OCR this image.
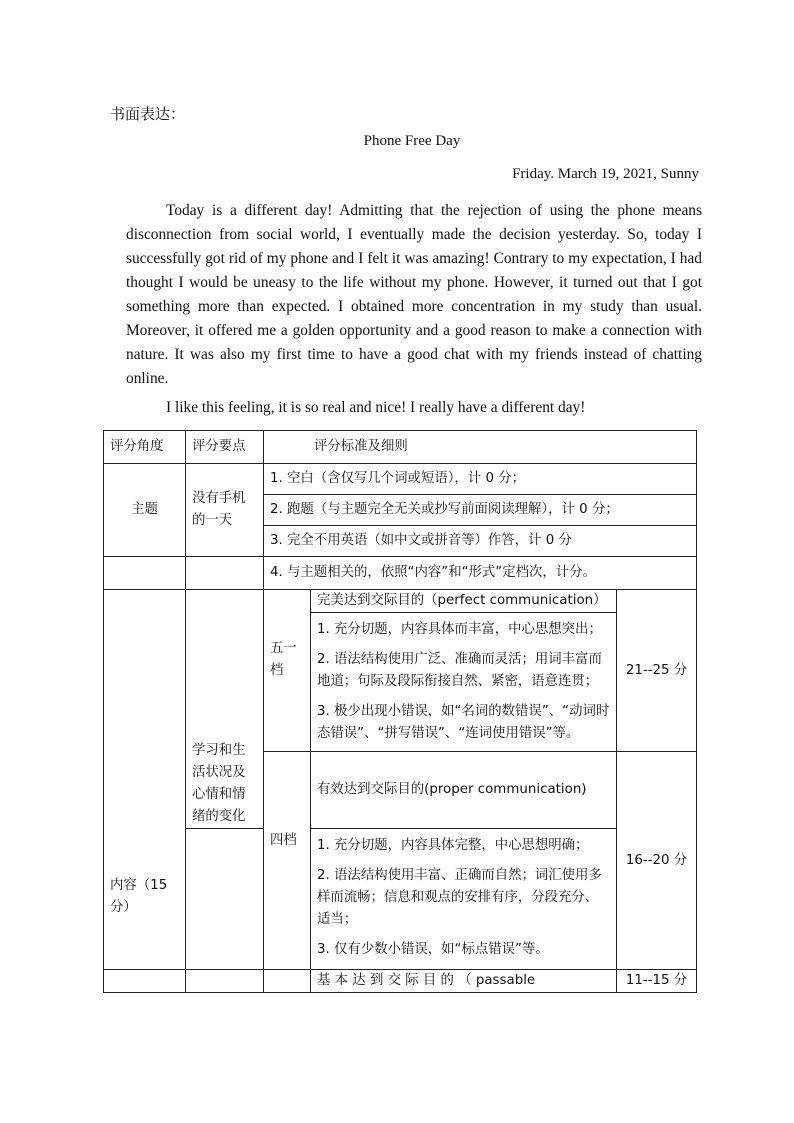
书面表达：
Phone Free Day
Friday. March 19, 2021, Sunny

Today is a different day! Admitting that the rejection of using the phone means disconnection from social world, I eventually made the decision yesterday. So, today I successfully got rid of my phone and I felt it was amazing! Contrary to my expectation, I had thought I would be uneasy to the life without my phone. However, it turned out that I got something more than expected. I obtained more concentration in my study than usual. Moreover, it offered me a golden opportunity and a good reason to make a connection with nature. It was also my first time to have a good chat with my friends instead of chatting online.

I like this feeling, it is so real and nice! I really have a different day!

评分角度	评分要点	评分标准及细则		
主题	没有手机的一天	1. 空白（含仅写几个词或短语），计 0 分；		
		2. 跑题（与主题完全无关或抄写前面阅读理解），计 0 分；		
		3. 完全不用英语（如中文或拼音等）作答，计 0 分		
		4. 与主题相关的，依照“内容”和“形式”定档次，计分。		
内容（15分）	学习和生活状况及心情和情绪的变化	五一档	完美达到交际目的（perfect communication）	21--25 分

			1. 充分切题，内容具体而丰富，中心思想突出；
2. 语法结构使用广泛、准确而灵活；用词丰富而地道；句际及段际衔接自然、紧密，语意连贯；
3. 极少出现小错误，如“名词的数错误”、“动词时态错误”、“拼写错误”、“连词使用错误”等。	

		四档	有效达到交际目的(proper communication)	16--20 分

			1. 充分切题，内容具体完整，中心思想明确；
2. 语法结构使用丰富、正确而自然；词汇使用多样而流畅；信息和观点的安排有序，分段充分、适当；
3. 仅有少数小错误，如“标点错误”等。	

			基 本 达 到 交 际 目 的 （ passable	11--15 分
